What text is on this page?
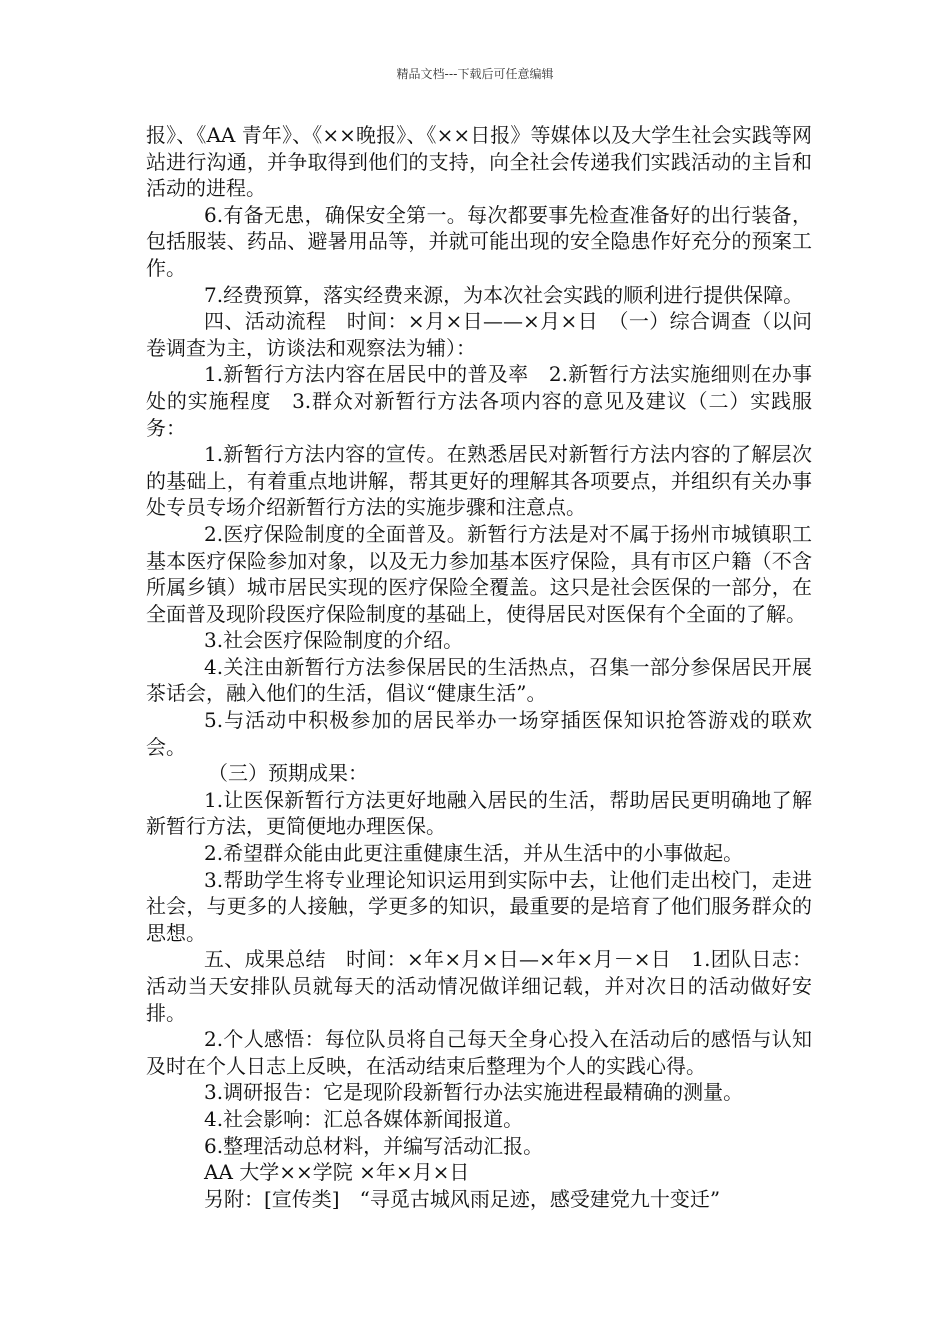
精品文档---下载后可任意编辑

报》、《AA 青年》、《××晚报》、《××日报》等媒体以及大学生社会实践等网站进行沟通，并争取得到他们的支持，向全社会传递我们实践活动的主旨和活动的进程。

6.有备无患，确保安全第一。每次都要事先检查准备好的出行装备，包括服装、药品、避暑用品等，并就可能出现的安全隐患作好充分的预案工作。

7.经费预算，落实经费来源，为本次社会实践的顺利进行提供保障。

四、活动流程　时间：×月×日——×月×日　（一）综合调查（以问卷调查为主，访谈法和观察法为辅）：

1.新暂行方法内容在居民中的普及率　2.新暂行方法实施细则在办事处的实施程度　3.群众对新暂行方法各项内容的意见及建议（二）实践服务：

1.新暂行方法内容的宣传。在熟悉居民对新暂行方法内容的了解层次的基础上，有着重点地讲解，帮其更好的理解其各项要点，并组织有关办事处专员专场介绍新暂行方法的实施步骤和注意点。

2.医疗保险制度的全面普及。新暂行方法是对不属于扬州市城镇职工基本医疗保险参加对象，以及无力参加基本医疗保险，具有市区户籍（不含所属乡镇）城市居民实现的医疗保险全覆盖。这只是社会医保的一部分，在全面普及现阶段医疗保险制度的基础上，使得居民对医保有个全面的了解。

3.社会医疗保险制度的介绍。

4.关注由新暂行方法参保居民的生活热点，召集一部分参保居民开展茶话会，融入他们的生活，倡议“健康生活”。

5.与活动中积极参加的居民举办一场穿插医保知识抢答游戏的联欢会。

（三）预期成果：

1.让医保新暂行方法更好地融入居民的生活，帮助居民更明确地了解新暂行方法，更简便地办理医保。

2.希望群众能由此更注重健康生活，并从生活中的小事做起。

3.帮助学生将专业理论知识运用到实际中去，让他们走出校门，走进社会，与更多的人接触，学更多的知识，最重要的是培育了他们服务群众的思想。

五、成果总结　时间：×年×月×日—×年×月－×日　1.团队日志：活动当天安排队员就每天的活动情况做详细记载，并对次日的活动做好安排。

2.个人感悟：每位队员将自己每天全身心投入在活动后的感悟与认知及时在个人日志上反映，在活动结束后整理为个人的实践心得。

3.调研报告：它是现阶段新暂行办法实施进程最精确的测量。

4.社会影响：汇总各媒体新闻报道。

6.整理活动总材料，并编写活动汇报。

AA 大学××学院 ×年×月×日

另附：[宣传类]　“寻觅古城风雨足迹，感受建党九十变迁”
